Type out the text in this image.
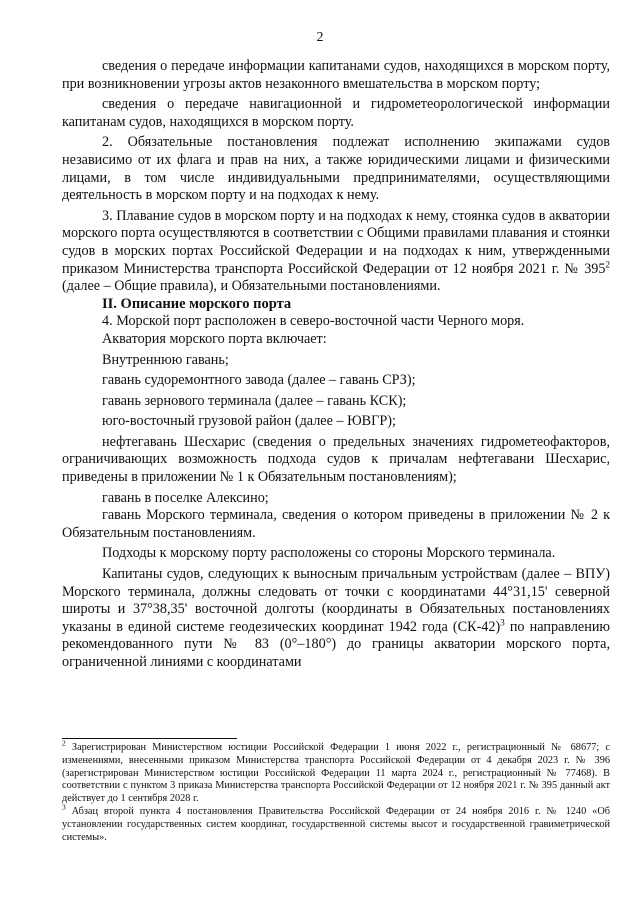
2

сведения о передаче информации капитанами судов, находящихся в морском порту, при возникновении угрозы актов незаконного вмешательства в морском порту;

сведения о передаче навигационной и гидрометеорологической информации капитанам судов, находящихся в морском порту.

2. Обязательные постановления подлежат исполнению экипажами судов независимо от их флага и прав на них, а также юридическими лицами и физическими лицами, в том числе индивидуальными предпринимателями, осуществляющими деятельность в морском порту и на подходах к нему.

3. Плавание судов в морском порту и на подходах к нему, стоянка судов в акватории морского порта осуществляются в соответствии с Общими правилами плавания и стоянки судов в морских портах Российской Федерации и на подходах к ним, утвержденными приказом Министерства транспорта Российской Федерации от 12 ноября 2021 г. № $395^2$ (далее – Общие правила), и Обязательными постановлениями.

II. Описание морского порта

4. Морской порт расположен в северо-восточной части Черного моря.

Акватория морского порта включает:

Внутреннюю гавань;

гавань судоремонтного завода (далее – гавань СРЗ);

гавань зернового терминала (далее – гавань КСК);

юго-восточный грузовой район (далее – ЮВГР);

нефтегавань Шесхарис (сведения о предельных значениях гидрометеофакторов, ограничивающих возможность подхода судов к причалам нефтегавани Шесхарис, приведены в приложении № 1 к Обязательным постановлениям);

гавань в поселке Алексино;

гавань Морского терминала, сведения о котором приведены в приложении № 2 к Обязательным постановлениям.

Подходы к морскому порту расположены со стороны Морского терминала.

Капитаны судов, следующих к выносным причальным устройствам (далее – ВПУ) Морского терминала, должны следовать от точки с координатами 44°31,15' северной широты и 37°38,35' восточной долготы (координаты в Обязательных постановлениях указаны в единой системе геодезических координат 1942 года $(СК-42)^3$ по направлению рекомендованного пути № 83 (0°–180°) до границы акватории морского порта, ограниченной линиями с координатами

$^2$ Зарегистрирован Министерством юстиции Российской Федерации 1 июня 2022 г., регистрационный № 68677; с изменениями, внесенными приказом Министерства транспорта Российской Федерации от 4 декабря 2023 г. № 396 (зарегистрирован Министерством юстиции Российской Федерации 11 марта 2024 г., регистрационный № 77468). В соответствии с пунктом 3 приказа Министерства транспорта Российской Федерации от 12 ноября 2021 г. № 395 данный акт действует до 1 сентября 2028 г.

$^3$ Абзац второй пункта 4 постановления Правительства Российской Федерации от 24 ноября 2016 г. № 1240 «Об установлении государственных систем координат, государственной системы высот и государственной гравиметрической системы».
